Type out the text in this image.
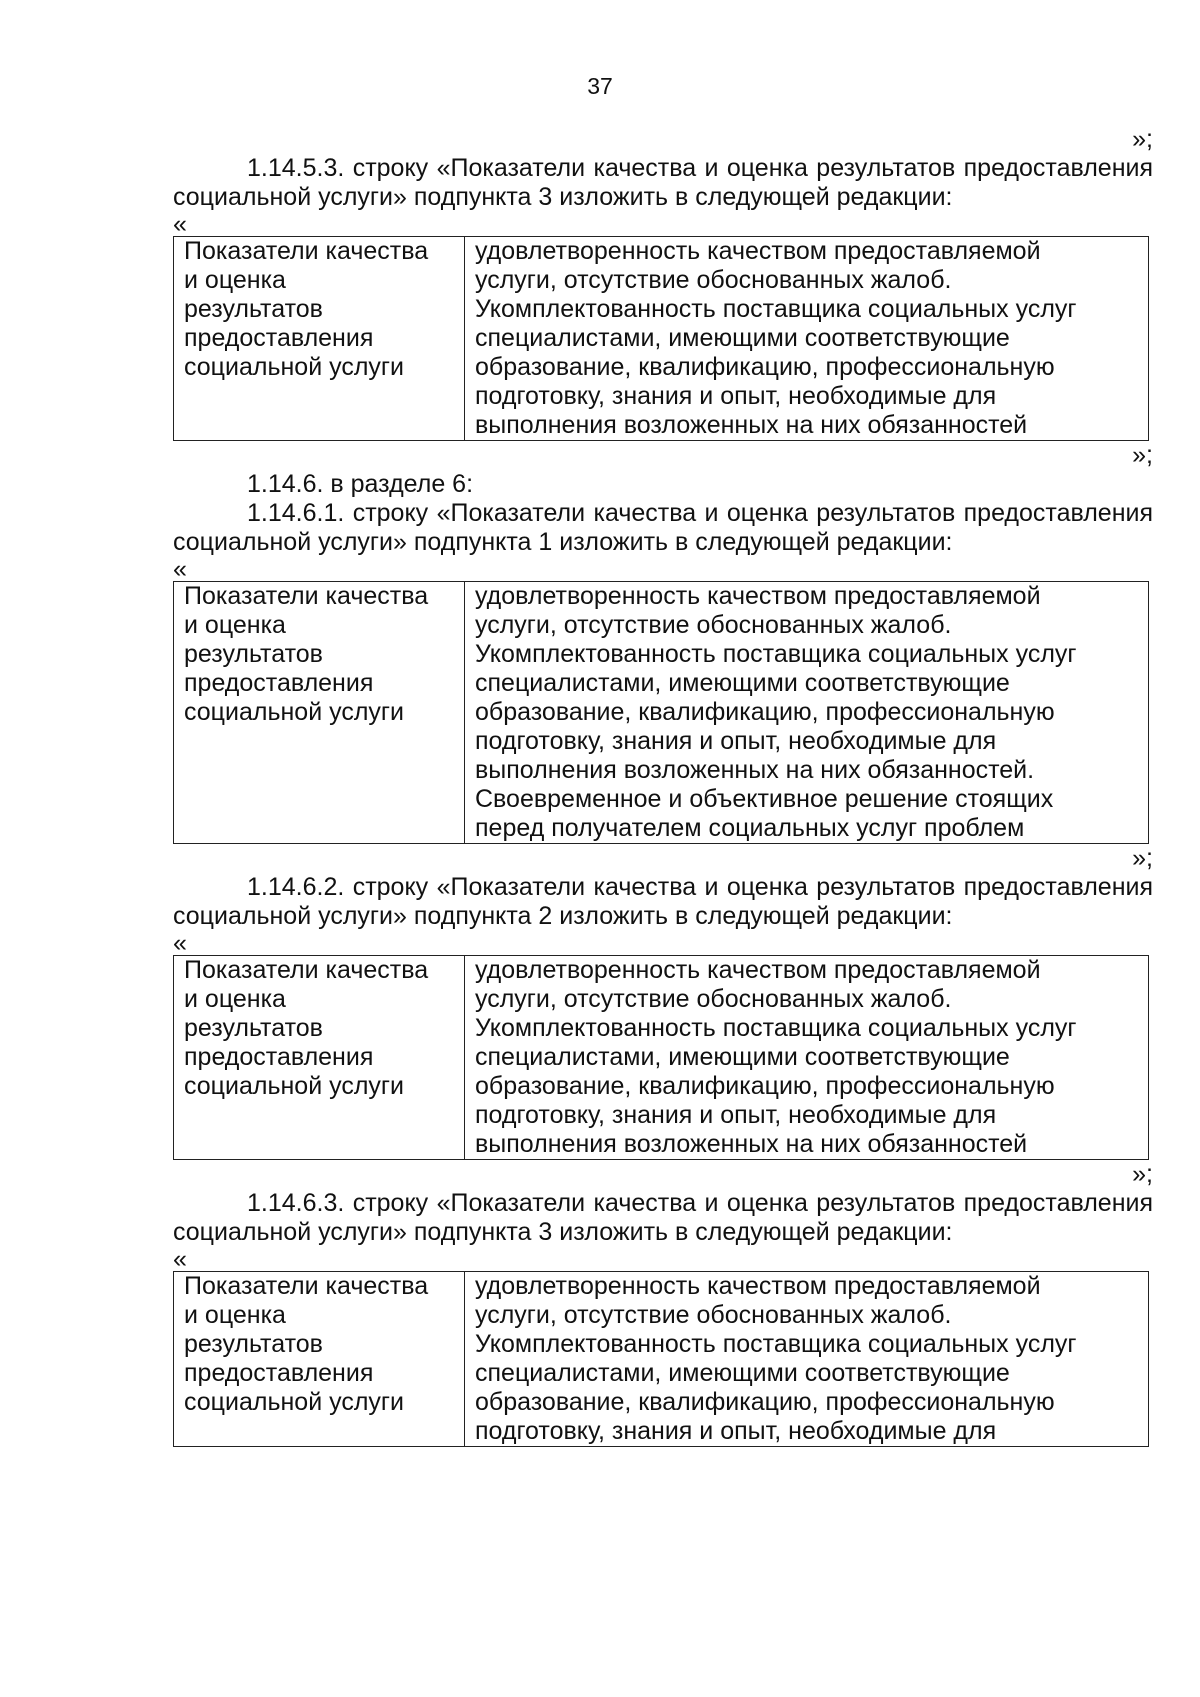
37
»;
1.14.5.3. строку «Показатели качества и оценка результатов предоставления социальной услуги» подпункта 3 изложить в следующей редакции:
«
Показатели качества
и оценка
результатов
предоставления
социальной услуги	удовлетворенность качеством предоставляемой
услуги, отсутствие обоснованных жалоб.
Укомплектованность поставщика социальных услуг
специалистами, имеющими соответствующие
образование, квалификацию, профессиональную
подготовку, знания и опыт, необходимые для
выполнения возложенных на них обязанностей
»;
1.14.6. в разделе 6:
1.14.6.1. строку «Показатели качества и оценка результатов предоставления социальной услуги» подпункта 1 изложить в следующей редакции:
«
Показатели качества
и оценка
результатов
предоставления
социальной услуги	удовлетворенность качеством предоставляемой
услуги, отсутствие обоснованных жалоб.
Укомплектованность поставщика социальных услуг
специалистами, имеющими соответствующие
образование, квалификацию, профессиональную
подготовку, знания и опыт, необходимые для
выполнения возложенных на них обязанностей.
Своевременное и объективное решение стоящих
перед получателем социальных услуг проблем
»;
1.14.6.2. строку «Показатели качества и оценка результатов предоставления социальной услуги» подпункта 2 изложить в следующей редакции:
«
Показатели качества
и оценка
результатов
предоставления
социальной услуги	удовлетворенность качеством предоставляемой
услуги, отсутствие обоснованных жалоб.
Укомплектованность поставщика социальных услуг
специалистами, имеющими соответствующие
образование, квалификацию, профессиональную
подготовку, знания и опыт, необходимые для
выполнения возложенных на них обязанностей
»;
1.14.6.3. строку «Показатели качества и оценка результатов предоставления социальной услуги» подпункта 3 изложить в следующей редакции:
«
Показатели качества
и оценка
результатов
предоставления
социальной услуги	удовлетворенность качеством предоставляемой
услуги, отсутствие обоснованных жалоб.
Укомплектованность поставщика социальных услуг
специалистами, имеющими соответствующие
образование, квалификацию, профессиональную
подготовку, знания и опыт, необходимые для
